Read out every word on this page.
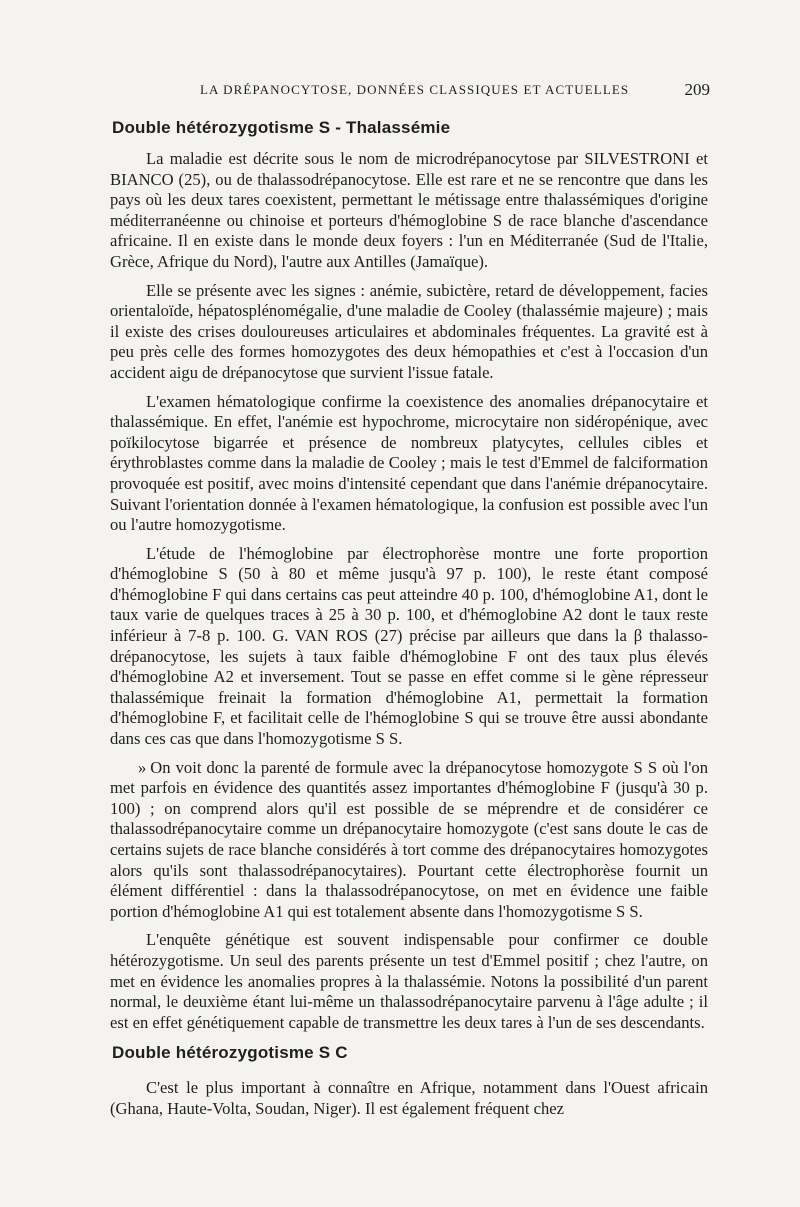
LA DRÉPANOCYTOSE, DONNÉES CLASSIQUES ET ACTUELLES	209
Double hétérozygotisme S - Thalassémie

La maladie est décrite sous le nom de microdrépanocytose par SILVESTRONI et BIANCO (25), ou de thalassodrépanocytose. Elle est rare et ne se rencontre que dans les pays où les deux tares coexistent, permettant le métissage entre thalassémiques d'origine méditerranéenne ou chinoise et porteurs d'hémoglobine S de race blanche d'ascendance africaine. Il en existe dans le monde deux foyers : l'un en Méditerranée (Sud de l'Italie, Grèce, Afrique du Nord), l'autre aux Antilles (Jamaïque).

Elle se présente avec les signes : anémie, subictère, retard de développement, facies orientaloïde, hépatosplénomégalie, d'une maladie de Cooley (thalassémie majeure) ; mais il existe des crises douloureuses articulaires et abdominales fréquentes. La gravité est à peu près celle des formes homozygotes des deux hémopathies et c'est à l'occasion d'un accident aigu de drépanocytose que survient l'issue fatale.

L'examen hématologique confirme la coexistence des anomalies drépanocytaire et thalassémique. En effet, l'anémie est hypochrome, microcytaire non sidéropénique, avec poïkilocytose bigarrée et présence de nombreux platycytes, cellules cibles et érythroblastes comme dans la maladie de Cooley ; mais le test d'Emmel de falciformation provoquée est positif, avec moins d'intensité cependant que dans l'anémie drépanocytaire. Suivant l'orientation donnée à l'examen hématologique, la confusion est possible avec l'un ou l'autre homozygotisme.

L'étude de l'hémoglobine par électrophorèse montre une forte proportion d'hémoglobine S (50 à 80 et même jusqu'à 97 p. 100), le reste étant composé d'hémoglobine F qui dans certains cas peut atteindre 40 p. 100, d'hémoglobine A1, dont le taux varie de quelques traces à 25 à 30 p. 100, et d'hémoglobine A2 dont le taux reste inférieur à 7-8 p. 100. G. VAN ROS (27) précise par ailleurs que dans la β thalasso-drépanocytose, les sujets à taux faible d'hémoglobine F ont des taux plus élevés d'hémoglobine A2 et inversement. Tout se passe en effet comme si le gène répresseur thalassémique freinait la formation d'hémoglobine A1, permettait la formation d'hémoglobine F, et facilitait celle de l'hémoglobine S qui se trouve être aussi abondante dans ces cas que dans l'homozygotisme S S.

» On voit donc la parenté de formule avec la drépanocytose homozygote S S où l'on met parfois en évidence des quantités assez importantes d'hémoglobine F (jusqu'à 30 p. 100) ; on comprend alors qu'il est possible de se méprendre et de considérer ce thalassodrépanocytaire comme un drépanocytaire homozygote (c'est sans doute le cas de certains sujets de race blanche considérés à tort comme des drépanocytaires homozygotes alors qu'ils sont thalassodrépanocytaires). Pourtant cette électrophorèse fournit un élément différentiel : dans la thalassodrépanocytose, on met en évidence une faible portion d'hémoglobine A1 qui est totalement absente dans l'homozygotisme S S.

L'enquête génétique est souvent indispensable pour confirmer ce double hétérozygotisme. Un seul des parents présente un test d'Emmel positif ; chez l'autre, on met en évidence les anomalies propres à la thalassémie. Notons la possibilité d'un parent normal, le deuxième étant lui-même un thalassodrépanocytaire parvenu à l'âge adulte ; il est en effet génétiquement capable de transmettre les deux tares à l'un de ses descendants.

Double hétérozygotisme S C

C'est le plus important à connaître en Afrique, notamment dans l'Ouest africain (Ghana, Haute-Volta, Soudan, Niger). Il est également fréquent chez
